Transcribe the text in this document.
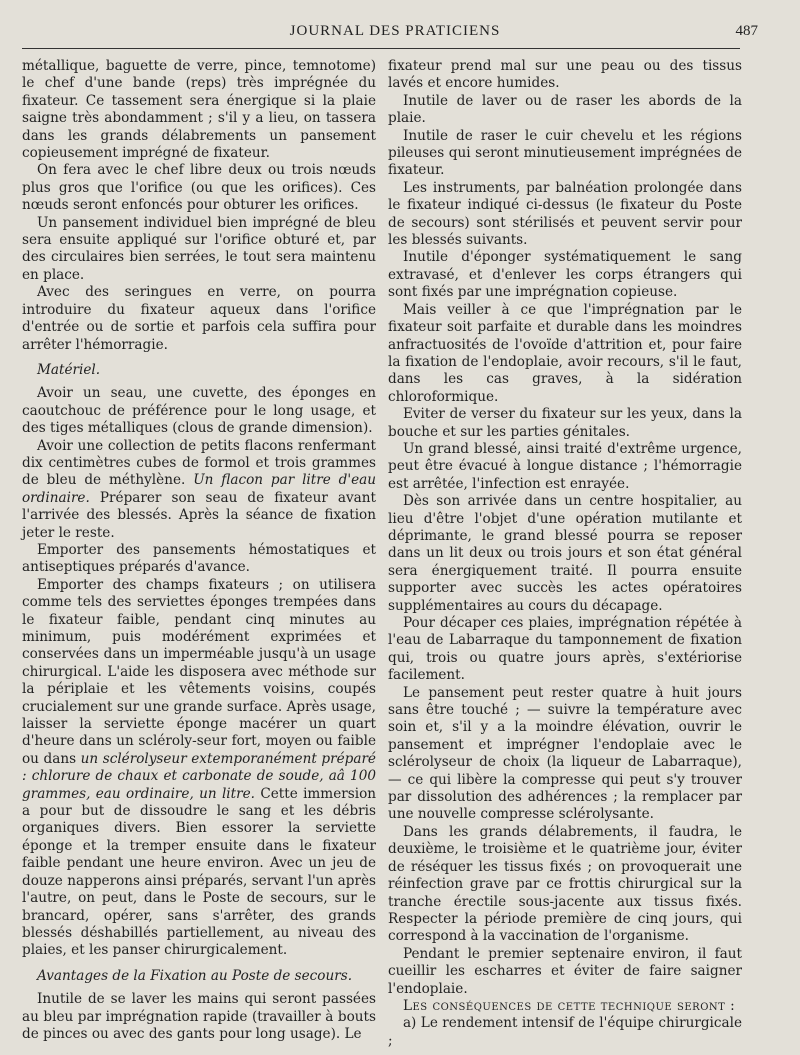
JOURNAL DES PRATICIENS	487

métallique, baguette de verre, pince, temnotome) le chef d'une bande (reps) très imprégnée du fixateur. Ce tassement sera énergique si la plaie saigne très abondamment ; s'il y a lieu, on tassera dans les grands délabrements un pansement copieusement imprégné de fixateur.

On fera avec le chef libre deux ou trois nœuds plus gros que l'orifice (ou que les orifices). Ces nœuds seront enfoncés pour obturer les orifices.

Un pansement individuel bien imprégné de bleu sera ensuite appliqué sur l'orifice obturé et, par des circulaires bien serrées, le tout sera maintenu en place.

Avec des seringues en verre, on pourra introduire du fixateur aqueux dans l'orifice d'entrée ou de sortie et parfois cela suffira pour arrêter l'hémorragie.

Matériel.

Avoir un seau, une cuvette, des éponges en caoutchouc de préférence pour le long usage, et des tiges métalliques (clous de grande dimension).

Avoir une collection de petits flacons renfermant dix centimètres cubes de formol et trois grammes de bleu de méthylène. Un flacon par litre d'eau ordinaire. Préparer son seau de fixateur avant l'arrivée des blessés. Après la séance de fixation jeter le reste.

Emporter des pansements hémostatiques et antiseptiques préparés d'avance.

Emporter des champs fixateurs ; on utilisera comme tels des serviettes éponges trempées dans le fixateur faible, pendant cinq minutes au minimum, puis modérément exprimées et conservées dans un imperméable jusqu'à un usage chirurgical. L'aide les disposera avec méthode sur la périplaie et les vêtements voisins, coupés crucialement sur une grande surface. Après usage, laisser la serviette éponge macérer un quart d'heure dans un scléroly-seur fort, moyen ou faible ou dans un sclérolyseur extemporanément préparé : chlorure de chaux et carbonate de soude, aâ 100 grammes, eau ordinaire, un litre. Cette immersion a pour but de dissoudre le sang et les débris organiques divers. Bien essorer la serviette éponge et la tremper ensuite dans le fixateur faible pendant une heure environ. Avec un jeu de douze napperons ainsi préparés, servant l'un après l'autre, on peut, dans le Poste de secours, sur le brancard, opérer, sans s'arrêter, des grands blessés déshabillés partiellement, au niveau des plaies, et les panser chirurgicalement.

Avantages de la Fixation au Poste de secours.

Inutile de se laver les mains qui seront passées au bleu par imprégnation rapide (travailler à bouts de pinces ou avec des gants pour long usage). Le

fixateur prend mal sur une peau ou des tissus lavés et encore humides.

Inutile de laver ou de raser les abords de la plaie.

Inutile de raser le cuir chevelu et les régions pileuses qui seront minutieusement imprégnées de fixateur.

Les instruments, par balnéation prolongée dans le fixateur indiqué ci-dessus (le fixateur du Poste de secours) sont stérilisés et peuvent servir pour les blessés suivants.

Inutile d'éponger systématiquement le sang extravasé, et d'enlever les corps étrangers qui sont fixés par une imprégnation copieuse.

Mais veiller à ce que l'imprégnation par le fixateur soit parfaite et durable dans les moindres anfractuosités de l'ovoïde d'attrition et, pour faire la fixation de l'endoplaie, avoir recours, s'il le faut, dans les cas graves, à la sidération chloroformique.

Eviter de verser du fixateur sur les yeux, dans la bouche et sur les parties génitales.

Un grand blessé, ainsi traité d'extrême urgence, peut être évacué à longue distance ; l'hémorragie est arrêtée, l'infection est enrayée.

Dès son arrivée dans un centre hospitalier, au lieu d'être l'objet d'une opération mutilante et déprimante, le grand blessé pourra se reposer dans un lit deux ou trois jours et son état général sera énergiquement traité. Il pourra ensuite supporter avec succès les actes opératoires supplémentaires au cours du décapage.

Pour décaper ces plaies, imprégnation répétée à l'eau de Labarraque du tamponnement de fixation qui, trois ou quatre jours après, s'extériorise facilement.

Le pansement peut rester quatre à huit jours sans être touché ; — suivre la température avec soin et, s'il y a la moindre élévation, ouvrir le pansement et imprégner l'endoplaie avec le sclérolyseur de choix (la liqueur de Labarraque), — ce qui libère la compresse qui peut s'y trouver par dissolution des adhérences ; la remplacer par une nouvelle compresse sclérolysante.

Dans les grands délabrements, il faudra, le deuxième, le troisième et le quatrième jour, éviter de réséquer les tissus fixés ; on provoquerait une réinfection grave par ce frottis chirurgical sur la tranche érectile sous-jacente aux tissus fixés. Respecter la période première de cinq jours, qui correspond à la vaccination de l'organisme.

Pendant le premier septenaire environ, il faut cueillir les escharres et éviter de faire saigner l'endoplaie.

Les conséquences de cette technique seront :

a) Le rendement intensif de l'équipe chirurgicale ;
